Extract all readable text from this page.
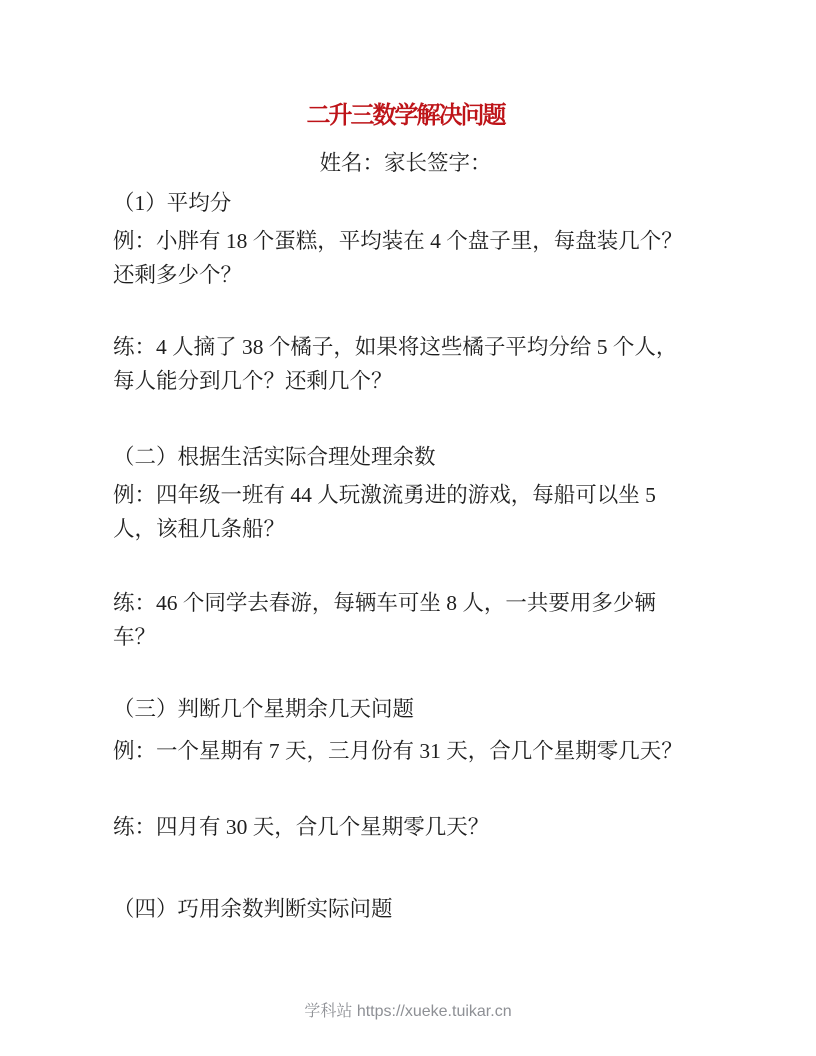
二升三数学解决问题

姓名：家长签字：

（1）平均分

例：小胖有 18 个蛋糕，平均装在 4 个盘子里，每盘装几个？还剩多少个？

练：4 人摘了 38 个橘子，如果将这些橘子平均分给 5 个人，每人能分到几个？还剩几个？

（二）根据生活实际合理处理余数

例：四年级一班有 44 人玩激流勇进的游戏，每船可以坐 5 人，该租几条船？

练：46 个同学去春游，每辆车可坐 8 人，一共要用多少辆车？

（三）判断几个星期余几天问题

例：一个星期有 7 天，三月份有 31 天，合几个星期零几天？

练：四月有 30 天，合几个星期零几天？

（四）巧用余数判断实际问题

学科站 https://xueke.tuikar.cn
